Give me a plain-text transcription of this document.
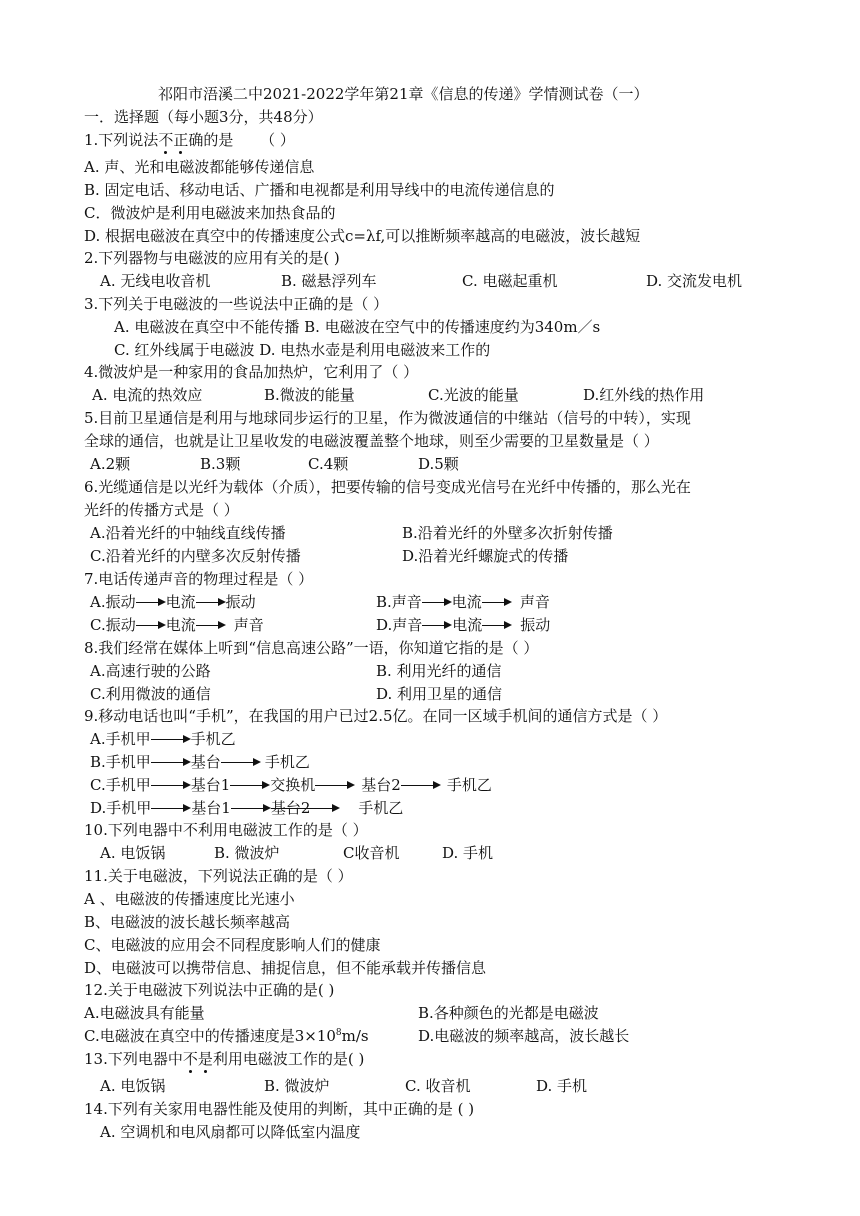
祁阳市浯溪二中2021-2022学年第21章《信息的传递》学情测试卷（一）
一．选择题（每小题3分，共48分）
1.下列说法不正确的是 （ ）
A. 声、光和电磁波都能够传递信息
B. 固定电话、移动电话、广播和电视都是利用导线中的电流传递信息的
C．微波炉是利用电磁波来加热食品的
D. 根据电磁波在真空中的传播速度公式c=λf,可以推断频率越高的电磁波，波长越短
2.下列器物与电磁波的应用有关的是( )
A. 无线电收音机	B. 磁悬浮列车	C. 电磁起重机	D. 交流发电机
3.下列关于电磁波的一些说法中正确的是（ ）
A. 电磁波在真空中不能传播 B. 电磁波在空气中的传播速度约为340m／s
C. 红外线属于电磁波 D. 电热水壶是利用电磁波来工作的
4.微波炉是一种家用的食品加热炉，它利用了（ ）
A. 电流的热效应	B.微波的能量	C.光波的能量	D.红外线的热作用
5.目前卫星通信是利用与地球同步运行的卫星，作为微波通信的中继站（信号的中转），实现
全球的通信，也就是让卫星收发的电磁波覆盖整个地球，则至少需要的卫星数量是（ ）
A.2颗	B.3颗	C.4颗	D.5颗
6.光缆通信是以光纤为载体（介质），把要传输的信号变成光信号在光纤中传播的，那么光在
光纤的传播方式是（ ）
A.沿着光纤的中轴线直线传播	B.沿着光纤的外壁多次折射传播
C.沿着光纤的内壁多次反射传播	D.沿着光纤螺旋式的传播
7.电话传递声音的物理过程是（ ）
A.振动 电流 振动	B.声音 电流	声音
C.振动 电流	声音	D.声音 电流	振动
8.我们经常在媒体上听到“信息高速公路”一语，你知道它指的是（ ）
A.高速行驶的公路	B. 利用光纤的通信
C.利用微波的通信	D. 利用卫星的通信
9.移动电话也叫“手机”，在我国的用户已过2.5亿。在同一区域手机间的通信方式是（ ）
A.手机甲	手机乙
B.手机甲	基台	手机乙
C.手机甲	基台1	交换机	基台2	手机乙
D.手机甲	基台1	基台2	手机乙
10.下列电器中不利用电磁波工作的是（ ）
A. 电饭锅	B. 微波炉	C收音机	D. 手机
11.关于电磁波，下列说法正确的是（ ）
A 、电磁波的传播速度比光速小
B、电磁波的波长越长频率越高
C、电磁波的应用会不同程度影响人们的健康
D、电磁波可以携带信息、捕捉信息，但不能承载并传播信息
12.关于电磁波下列说法中正确的是( )
A.电磁波具有能量	B.各种颜色的光都是电磁波
C.电磁波在真空中的传播速度是$3\times 10^8m/s$	D.电磁波的频率越高，波长越长
13.下列电器中不是利用电磁波工作的是( )
A. 电饭锅	B. 微波炉	C. 收音机	D. 手机
14.下列有关家用电器性能及使用的判断，其中正确的是 ( )
A. 空调机和电风扇都可以降低室内温度
